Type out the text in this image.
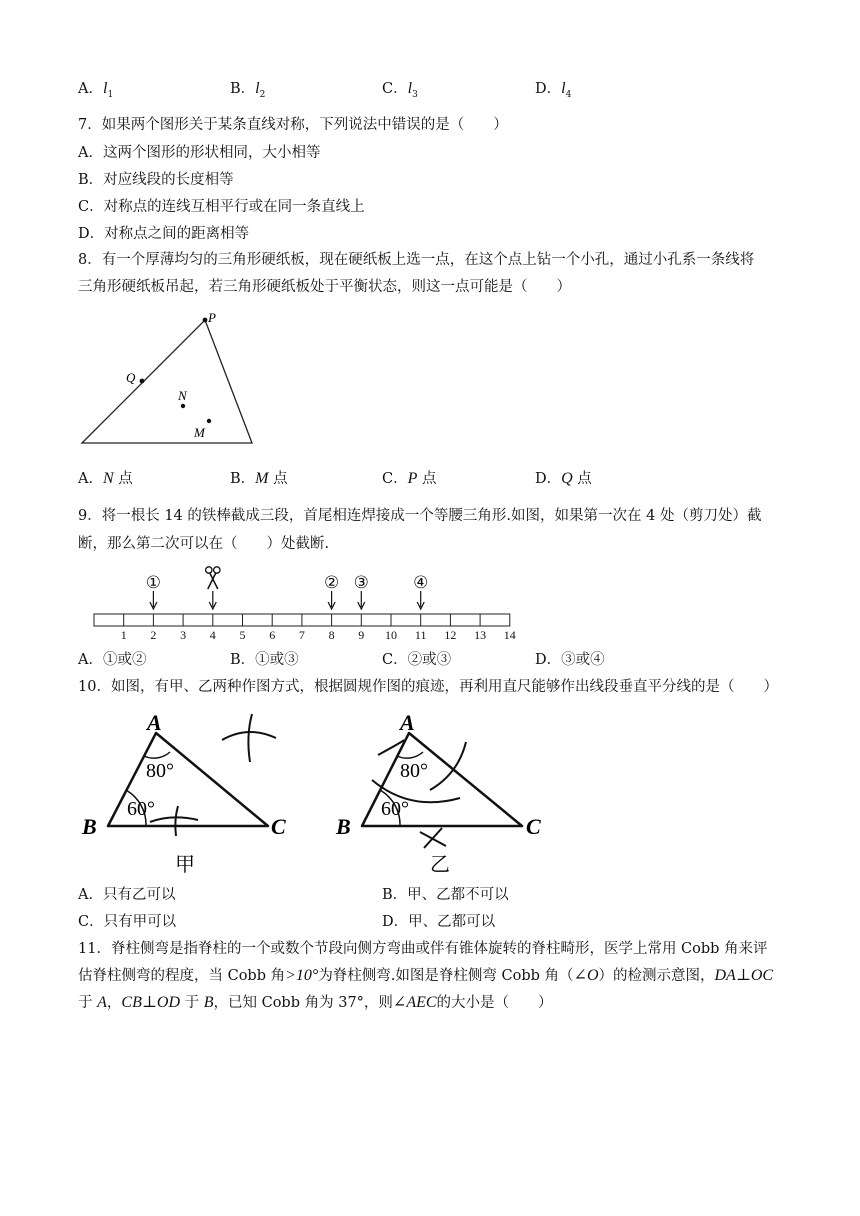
A．$l_1$	B．$l_2$	C．$l_3$	D．$l_4$
7．如果两个图形关于某条直线对称，下列说法中错误的是（　　）
A．这两个图形的形状相同，大小相等
B．对应线段的长度相等
C．对称点的连线互相平行或在同一条直线上
D．对称点之间的距离相等
8．有一个厚薄均匀的三角形硬纸板，现在硬纸板上选一点，在这个点上钻一个小孔，通过小孔系一条线将
三角形硬纸板吊起，若三角形硬纸板处于平衡状态，则这一点可能是（　　）
P
Q
N
M
A．N 点	B．M 点	C．P 点	D．Q 点
9．将一根长 14 的铁棒截成三段，首尾相连焊接成一个等腰三角形.如图，如果第一次在 4 处（剪刀处）截
断，那么第二次可以在（　　）处截断.
1 2 3 4 5 6 7 8 9 10 11 12 13 14
①	② ③	④
A．①或②	B．①或③	C．②或③	D．③或④
10．如图，有甲、乙两种作图方式，根据圆规作图的痕迹，再利用直尺能够作出线段垂直平分线的是（　　）
A
B	C
80°
60°
甲
A
B	C
80°
60°
乙
A．只有乙可以	B．甲、乙都不可以
C．只有甲可以	D．甲、乙都可以
11．脊柱侧弯是指脊柱的一个或数个节段向侧方弯曲或伴有锥体旋转的脊柱畸形，医学上常用 Cobb 角来评
估脊柱侧弯的程度，当 Cobb 角>10°为脊柱侧弯.如图是脊柱侧弯 Cobb 角（∠O）的检测示意图，DA⊥OC
于 A，CB⊥OD 于 B，已知 Cobb 角为 37°，则∠AEC的大小是（　　）
